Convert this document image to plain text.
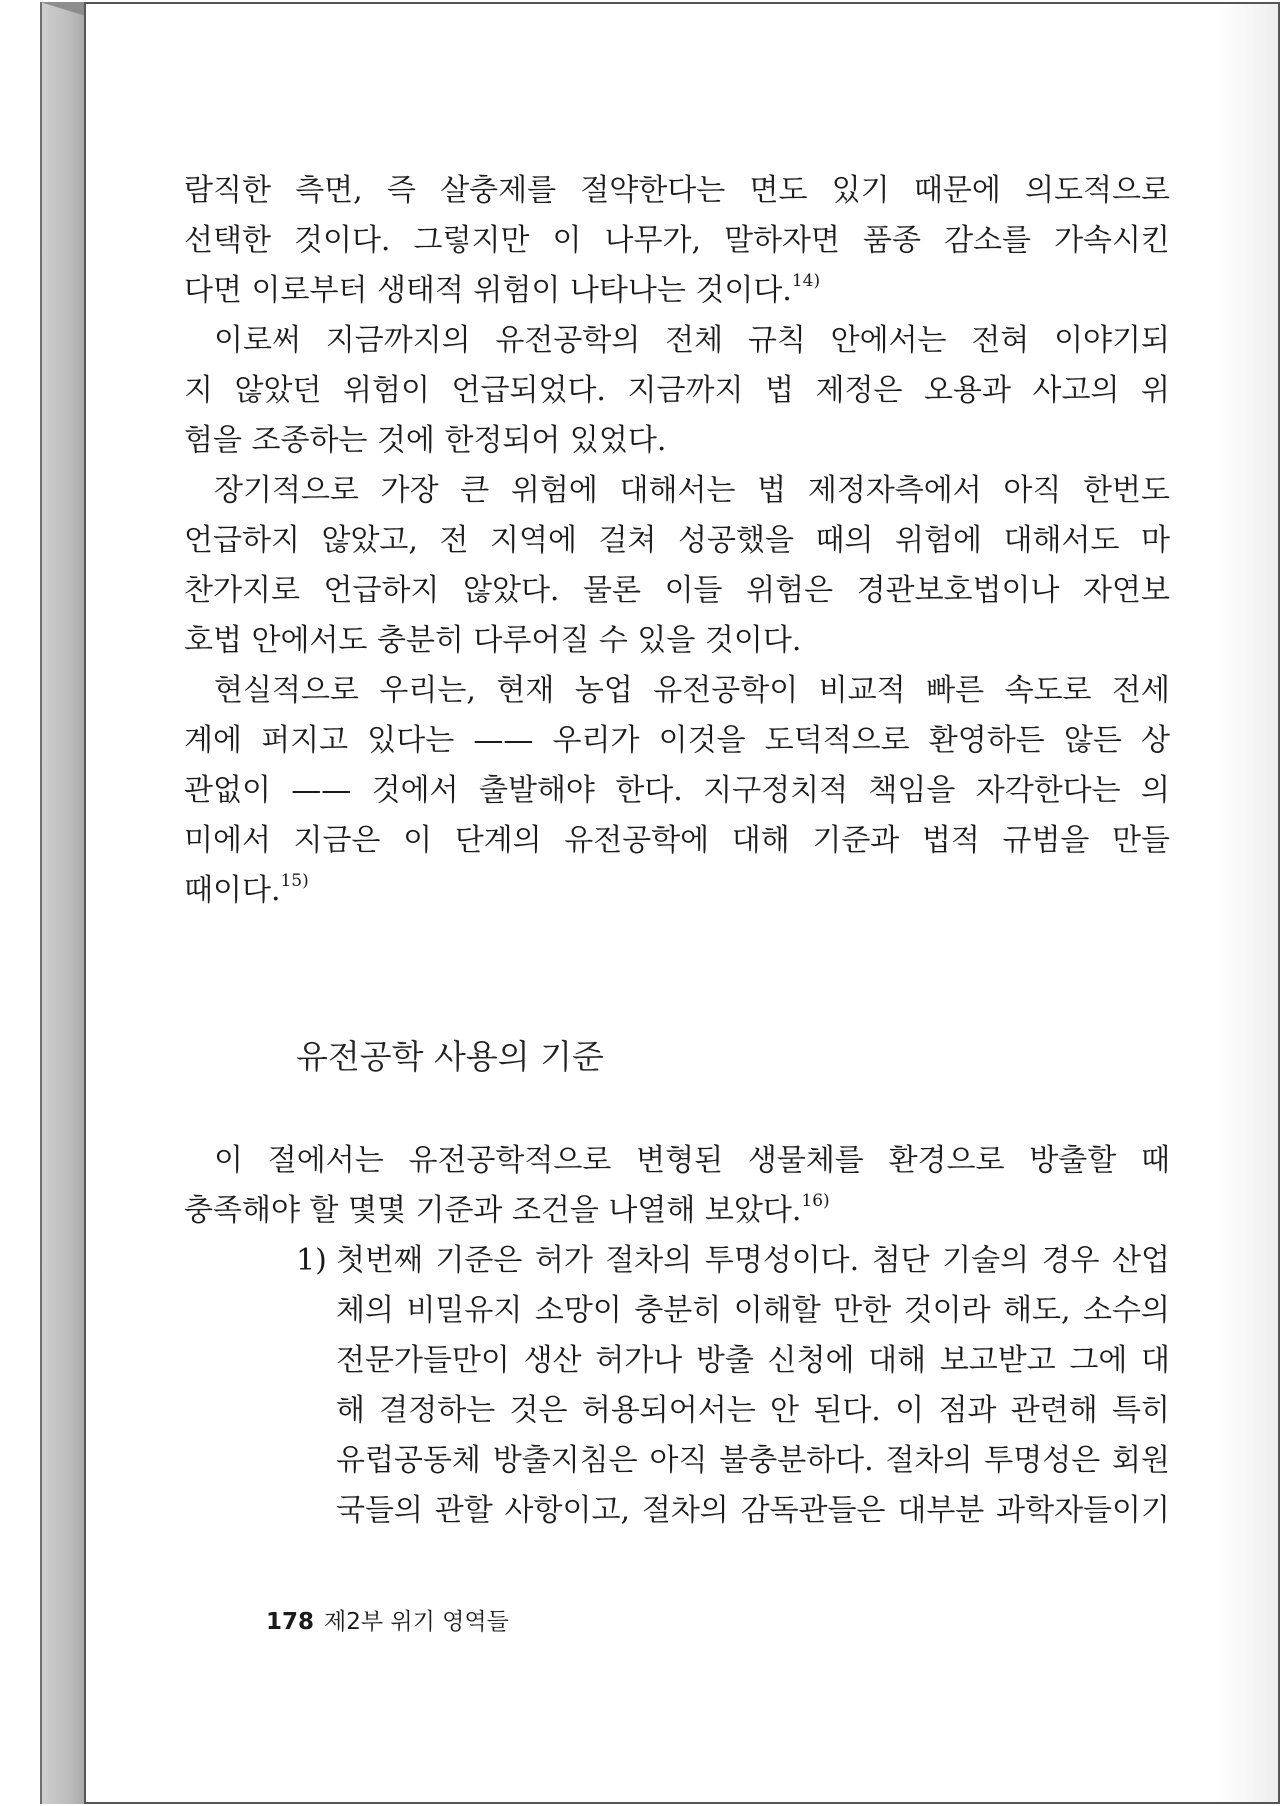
람직한 측면, 즉 살충제를 절약한다는 면도 있기 때문에 의도적으로
선택한 것이다. 그렇지만 이 나무가, 말하자면 품종 감소를 가속시킨
다면 이로부터 생태적 위험이 나타나는 것이다.$^{14)}$
이로써 지금까지의 유전공학의 전체 규칙 안에서는 전혀 이야기되
지 않았던 위험이 언급되었다. 지금까지 법 제정은 오용과 사고의 위
험을 조종하는 것에 한정되어 있었다.
장기적으로 가장 큰 위험에 대해서는 법 제정자측에서 아직 한번도
언급하지 않았고, 전 지역에 걸쳐 성공했을 때의 위험에 대해서도 마
찬가지로 언급하지 않았다. 물론 이들 위험은 경관보호법이나 자연보
호법 안에서도 충분히 다루어질 수 있을 것이다.
현실적으로 우리는, 현재 농업 유전공학이 비교적 빠른 속도로 전세
계에 퍼지고 있다는 —— 우리가 이것을 도덕적으로 환영하든 않든 상
관없이 —— 것에서 출발해야 한다. 지구정치적 책임을 자각한다는 의
미에서 지금은 이 단계의 유전공학에 대해 기준과 법적 규범을 만들
때이다.$^{15)}$
유전공학 사용의 기준
이 절에서는 유전공학적으로 변형된 생물체를 환경으로 방출할 때
충족해야 할 몇몇 기준과 조건을 나열해 보았다.$^{16)}$
1) 첫번째 기준은 허가 절차의 투명성이다. 첨단 기술의 경우 산업
체의 비밀유지 소망이 충분히 이해할 만한 것이라 해도, 소수의
전문가들만이 생산 허가나 방출 신청에 대해 보고받고 그에 대
해 결정하는 것은 허용되어서는 안 된다. 이 점과 관련해 특히
유럽공동체 방출지침은 아직 불충분하다. 절차의 투명성은 회원
국들의 관할 사항이고, 절차의 감독관들은 대부분 과학자들이기
178 제2부 위기 영역들
